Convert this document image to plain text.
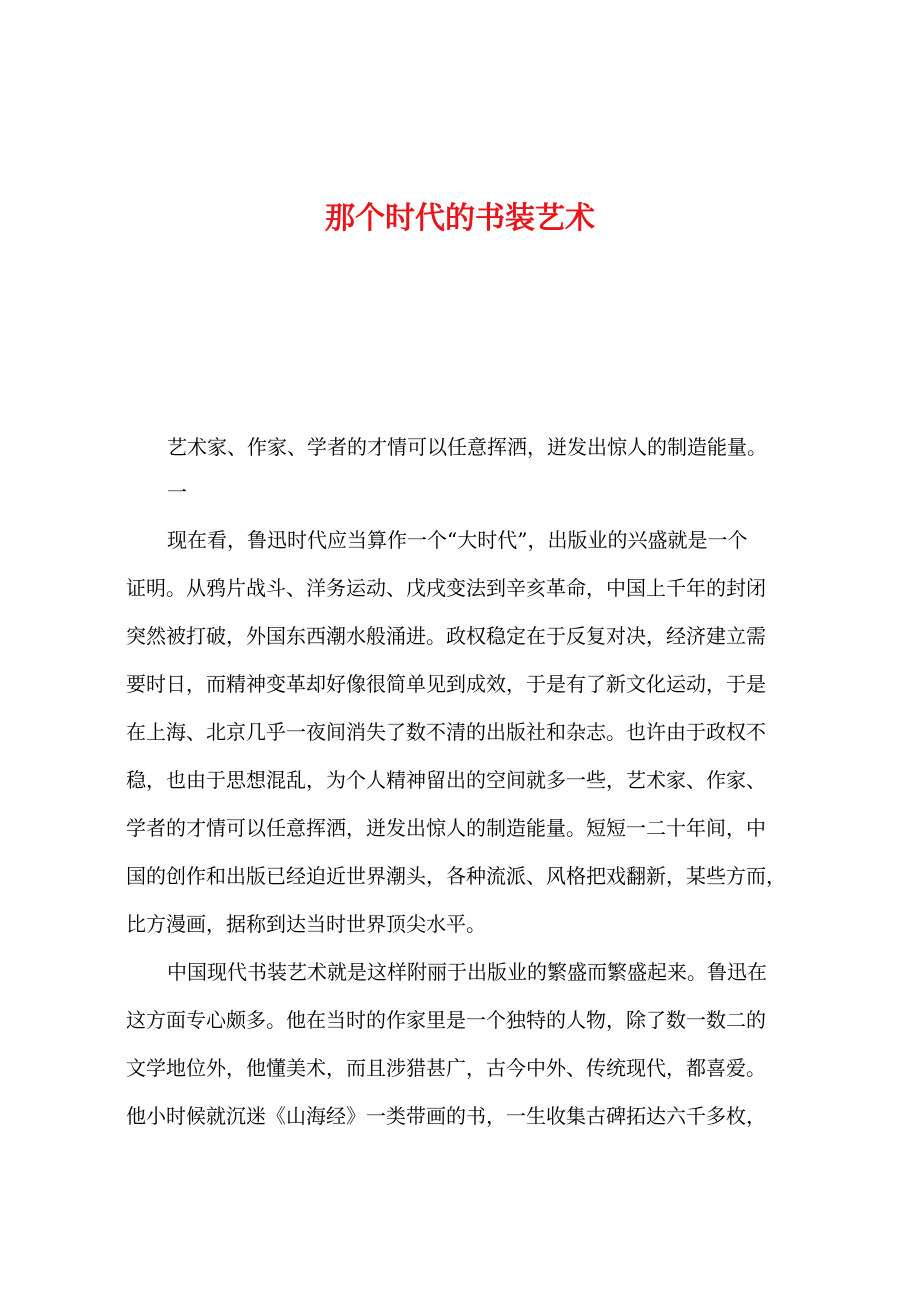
那个时代的书装艺术

艺术家、作家、学者的才情可以任意挥洒，迸发出惊人的制造能量。

一

现在看，鲁迅时代应当算作一个“大时代”，出版业的兴盛就是一个
证明。从鸦片战斗、洋务运动、戊戌变法到辛亥革命，中国上千年的封闭
突然被打破，外国东西潮水般涌进。政权稳定在于反复对决，经济建立需
要时日，而精神变革却好像很简单见到成效，于是有了新文化运动，于是
在上海、北京几乎一夜间消失了数不清的出版社和杂志。也许由于政权不
稳，也由于思想混乱，为个人精神留出的空间就多一些，艺术家、作家、
学者的才情可以任意挥洒，迸发出惊人的制造能量。短短一二十年间，中
国的创作和出版已经迫近世界潮头，各种流派、风格把戏翻新，某些方而，
比方漫画，据称到达当时世界顶尖水平。

中国现代书装艺术就是这样附丽于出版业的繁盛而繁盛起来。鲁迅在
这方面专心颇多。他在当时的作家里是一个独特的人物，除了数一数二的
文学地位外，他懂美术，而且涉猎甚广，古今中外、传统现代，都喜爱。
他小时候就沉迷《山海经》一类带画的书，一生收集古碑拓达六千多枚，
